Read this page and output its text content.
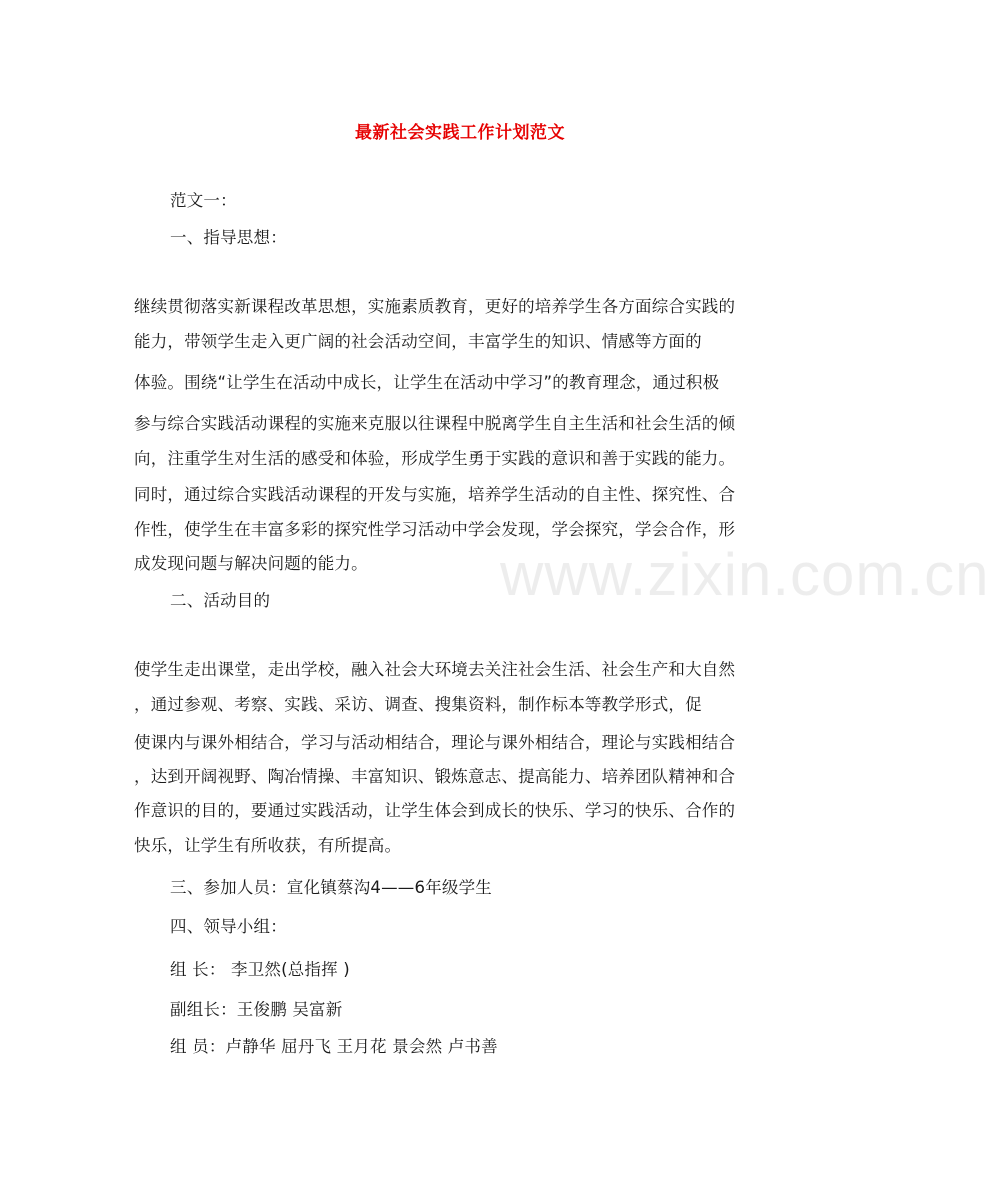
最新社会实践工作计划范文
范文一：
一、指导思想：
继续贯彻落实新课程改革思想，实施素质教育，更好的培养学生各方面综合实践的
能力，带领学生走入更广阔的社会活动空间，丰富学生的知识、情感等方面的
体验。围绕“让学生在活动中成长，让学生在活动中学习”的教育理念，通过积极
参与综合实践活动课程的实施来克服以往课程中脱离学生自主生活和社会生活的倾
向，注重学生对生活的感受和体验，形成学生勇于实践的意识和善于实践的能力。
同时，通过综合实践活动课程的开发与实施，培养学生活动的自主性、探究性、合
作性，使学生在丰富多彩的探究性学习活动中学会发现，学会探究，学会合作，形
成发现问题与解决问题的能力。
二、活动目的
使学生走出课堂，走出学校，融入社会大环境去关注社会生活、社会生产和大自然
，通过参观、考察、实践、采访、调查、搜集资料，制作标本等教学形式，促
使课内与课外相结合，学习与活动相结合，理论与课外相结合，理论与实践相结合
，达到开阔视野、陶冶情操、丰富知识、锻炼意志、提高能力、培养团队精神和合
作意识的目的，要通过实践活动，让学生体会到成长的快乐、学习的快乐、合作的
快乐，让学生有所收获，有所提高。
三、参加人员：宣化镇蔡沟4——6年级学生
四、领导小组：
组 长： 李卫然(总指挥 )
副组长：王俊鹏 吴富新
组 员：卢静华 屈丹飞 王月花 景会然 卢书善
www.zixin.com.cn
